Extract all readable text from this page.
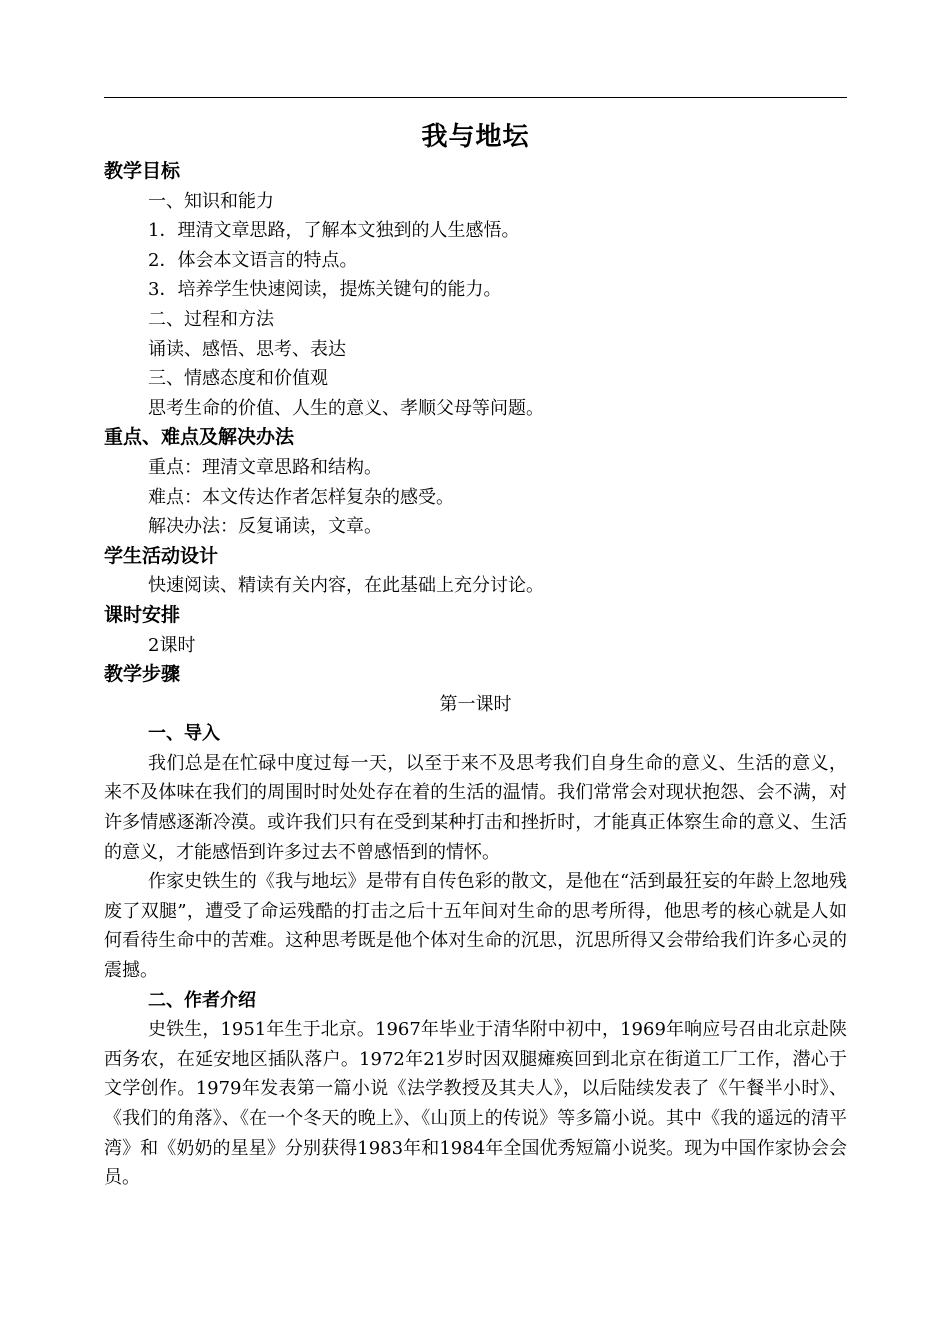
我与地坛
教学目标
一、知识和能力
1．理清文章思路，了解本文独到的人生感悟。
2．体会本文语言的特点。
3．培养学生快速阅读，提炼关键句的能力。
二、过程和方法
诵读、感悟、思考、表达
三、情感态度和价值观
思考生命的价值、人生的意义、孝顺父母等问题。
重点、难点及解决办法
重点：理清文章思路和结构。
难点：本文传达作者怎样复杂的感受。
解决办法：反复诵读，文章。
学生活动设计
快速阅读、精读有关内容，在此基础上充分讨论。
课时安排
2课时
教学步骤
第一课时
一、导入

我们总是在忙碌中度过每一天，以至于来不及思考我们自身生命的意义、生活的意义，来不及体味在我们的周围时时处处存在着的生活的温情。我们常常会对现状抱怨、会不满，对许多情感逐渐冷漠。或许我们只有在受到某种打击和挫折时，才能真正体察生命的意义、生活的意义，才能感悟到许多过去不曾感悟到的情怀。

作家史铁生的《我与地坛》是带有自传色彩的散文，是他在“活到最狂妄的年龄上忽地残废了双腿”，遭受了命运残酷的打击之后十五年间对生命的思考所得，他思考的核心就是人如何看待生命中的苦难。这种思考既是他个体对生命的沉思，沉思所得又会带给我们许多心灵的震撼。

二、作者介绍

史铁生，1951年生于北京。1967年毕业于清华附中初中，1969年响应号召由北京赴陕西务农，在延安地区插队落户。1972年21岁时因双腿瘫痪回到北京在街道工厂工作，潜心于文学创作。1979年发表第一篇小说《法学教授及其夫人》，以后陆续发表了《午餐半小时》、《我们的角落》、《在一个冬天的晚上》、《山顶上的传说》等多篇小说。其中《我的遥远的清平湾》和《奶奶的星星》分别获得1983年和1984年全国优秀短篇小说奖。现为中国作家协会会员。
